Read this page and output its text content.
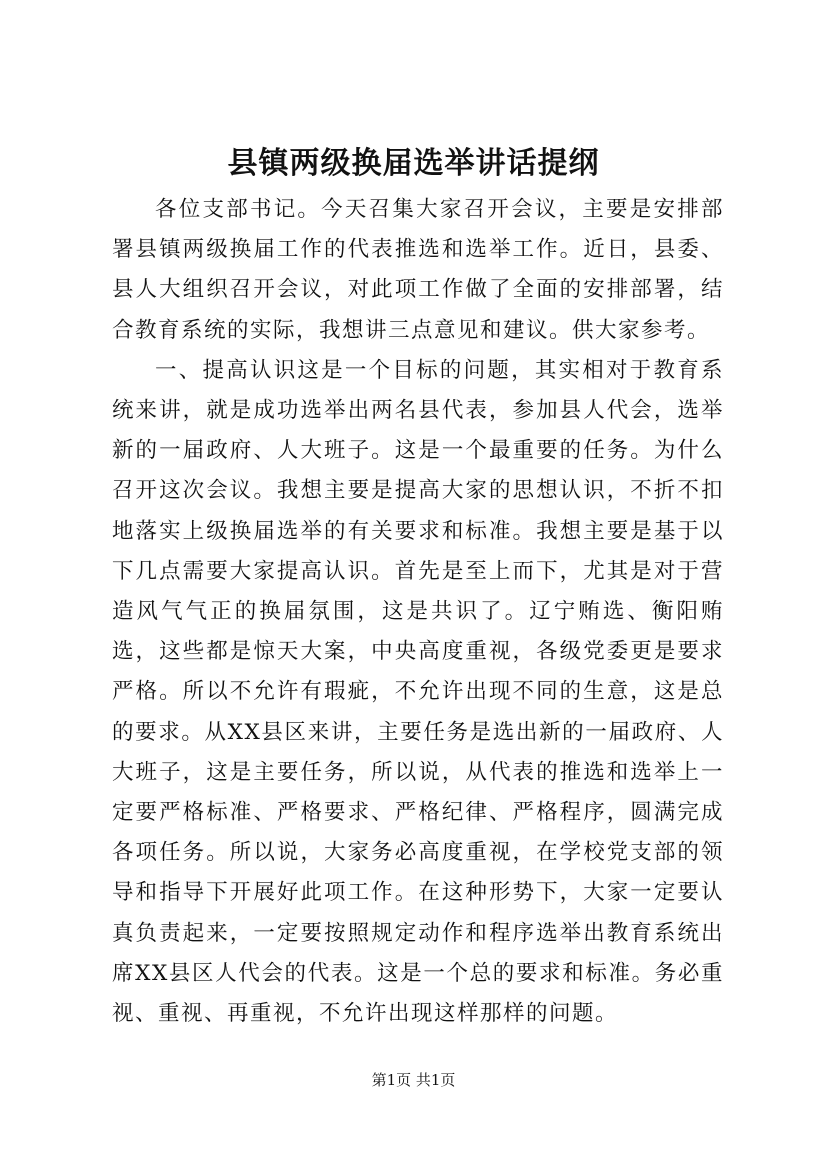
县镇两级换届选举讲话提纲

各位支部书记。今天召集大家召开会议，主要是安排部署县镇两级换届工作的代表推选和选举工作。近日，县委、县人大组织召开会议，对此项工作做了全面的安排部署，结合教育系统的实际，我想讲三点意见和建议。供大家参考。

一、提高认识这是一个目标的问题，其实相对于教育系统来讲，就是成功选举出两名县代表，参加县人代会，选举新的一届政府、人大班子。这是一个最重要的任务。为什么召开这次会议。我想主要是提高大家的思想认识，不折不扣地落实上级换届选举的有关要求和标准。我想主要是基于以下几点需要大家提高认识。首先是至上而下，尤其是对于营造风气气正的换届氛围，这是共识了。辽宁贿选、衡阳贿选，这些都是惊天大案，中央高度重视，各级党委更是要求严格。所以不允许有瑕疵，不允许出现不同的生意，这是总的要求。从XX县区来讲，主要任务是选出新的一届政府、人大班子，这是主要任务，所以说，从代表的推选和选举上一定要严格标准、严格要求、严格纪律、严格程序，圆满完成各项任务。所以说，大家务必高度重视，在学校党支部的领导和指导下开展好此项工作。在这种形势下，大家一定要认真负责起来，一定要按照规定动作和程序选举出教育系统出席XX县区人代会的代表。这是一个总的要求和标准。务必重视、重视、再重视，不允许出现这样那样的问题。

第1页 共1页
